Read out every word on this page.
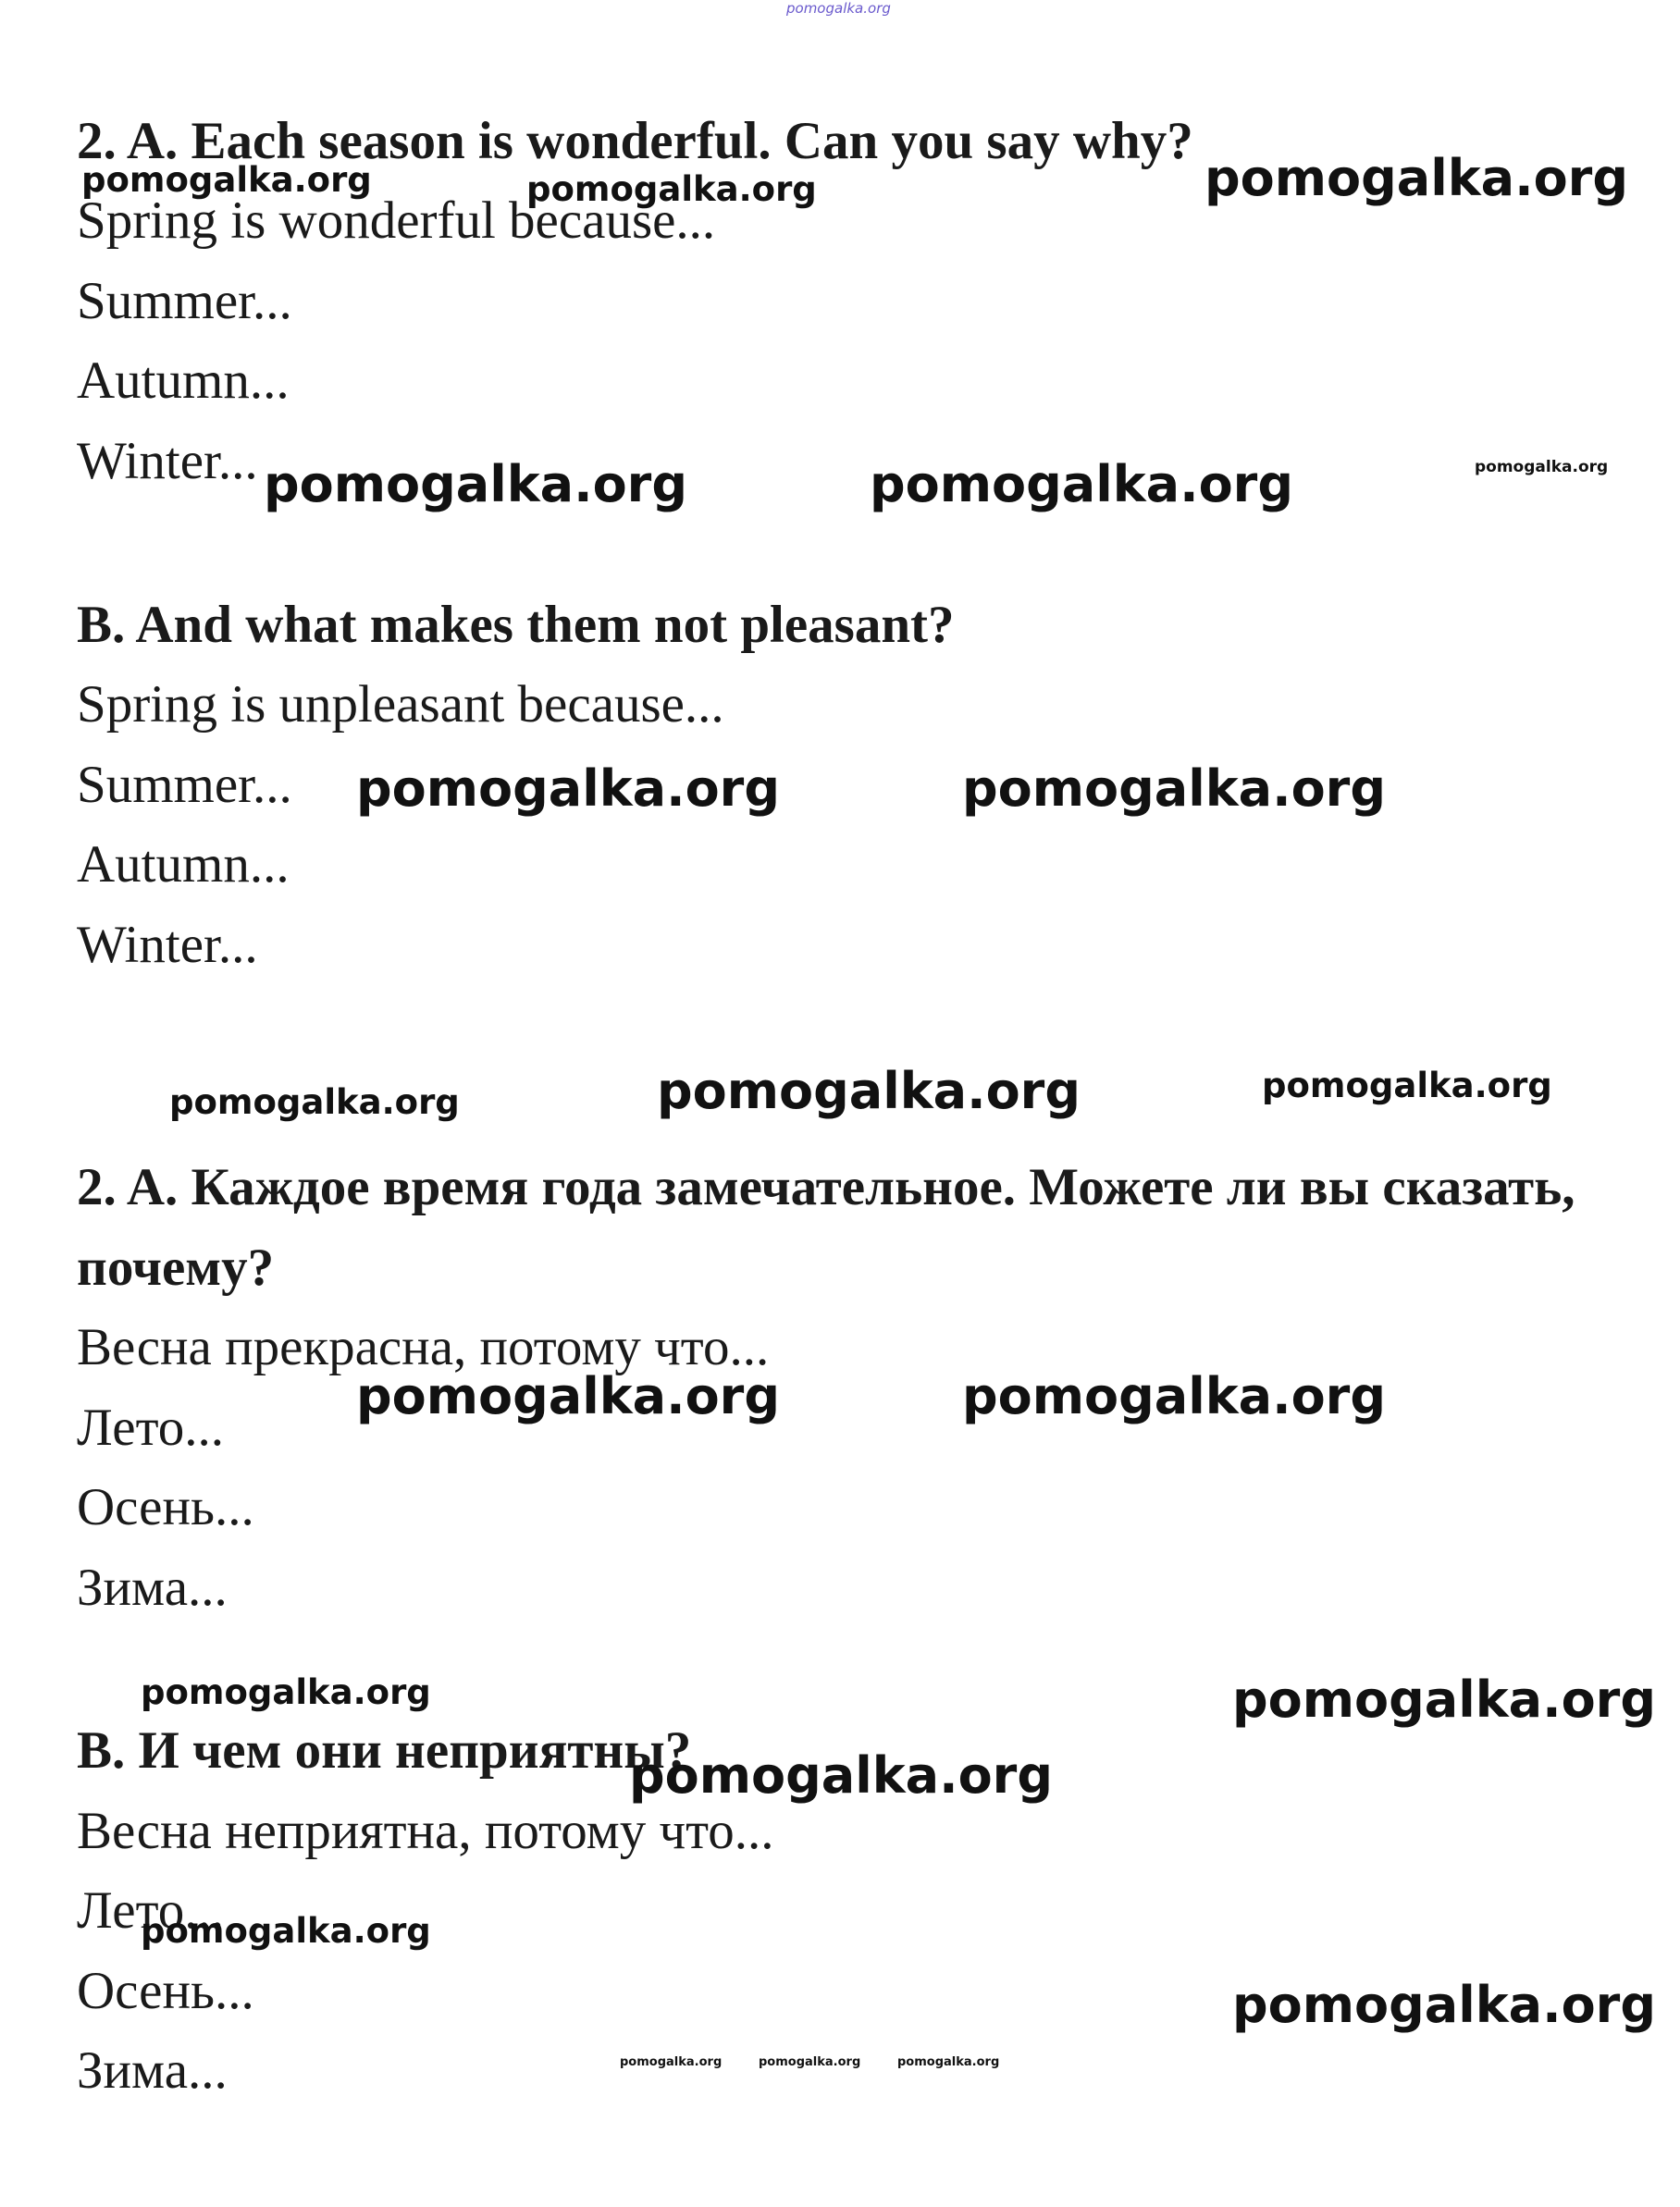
pomogalka.org
2. A. Each season is wonderful. Can you say why?
Spring is wonderful because...
Summer...
Autumn...
Winter...
B. And what makes them not pleasant?
Spring is unpleasant because...
Summer...
Autumn...
Winter...
2. A. Каждое время года замечательное. Можете ли вы сказать,
почему?
Весна прекрасна, потому что...
Лето...
Осень...
Зима...
B. И чем они неприятны?
Весна неприятна, потому что...
Лето...
Осень...
Зима...
pomogalka.org	pomogalka.org	pomogalka.org
pomogalka.org	pomogalka.org	pomogalka.org
pomogalka.org	pomogalka.org
pomogalka.org	pomogalka.org	pomogalka.org
pomogalka.org	pomogalka.org
pomogalka.org	pomogalka.org
pomogalka.org
pomogalka.org
pomogalka.org
pomogalka.org	pomogalka.org	pomogalka.org
